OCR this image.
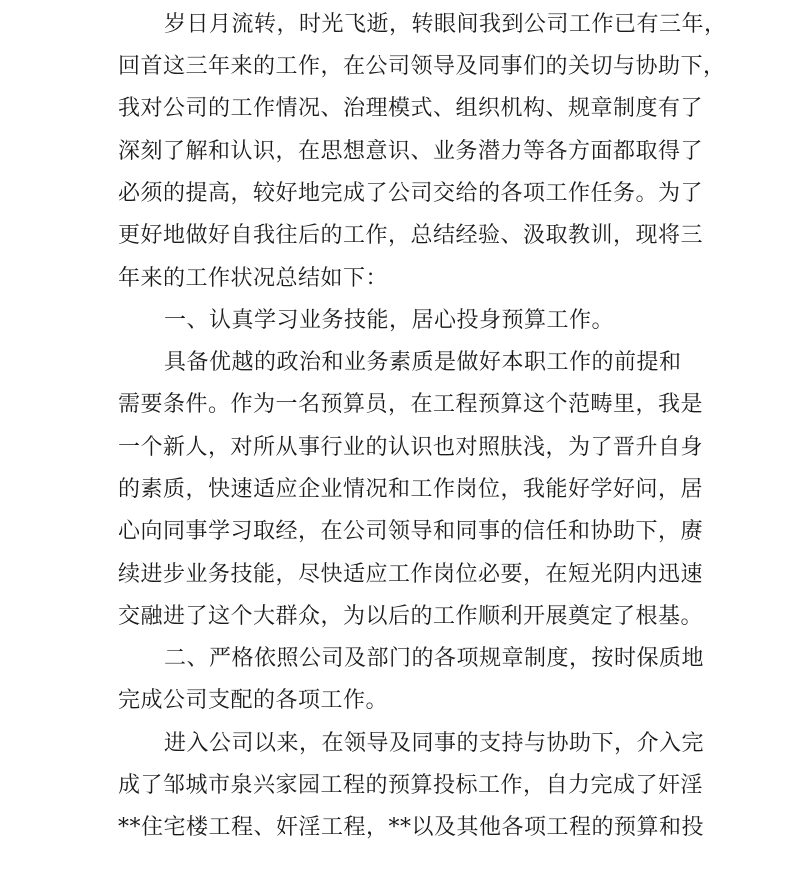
岁日月流转，时光飞逝，转眼间我到公司工作已有三年，
回首这三年来的工作，在公司领导及同事们的关切与协助下，
我对公司的工作情况、治理模式、组织机构、规章制度有了
深刻了解和认识，在思想意识、业务潜力等各方面都取得了
必须的提高，较好地完成了公司交给的各项工作任务。为了
更好地做好自我往后的工作，总结经验、汲取教训，现将三
年来的工作状况总结如下：
一、认真学习业务技能，居心投身预算工作。
具备优越的政治和业务素质是做好本职工作的前提和
需要条件。作为一名预算员，在工程预算这个范畴里，我是
一个新人，对所从事行业的认识也对照肤浅，为了晋升自身
的素质，快速适应企业情况和工作岗位，我能好学好问，居
心向同事学习取经，在公司领导和同事的信任和协助下，赓
续进步业务技能，尽快适应工作岗位必要，在短光阴内迅速
交融进了这个大群众，为以后的工作顺利开展奠定了根基。
二、严格依照公司及部门的各项规章制度，按时保质地
完成公司支配的各项工作。
进入公司以来，在领导及同事的支持与协助下，介入完
成了邹城市泉兴家园工程的预算投标工作，自力完成了奸淫
**住宅楼工程、奸淫工程，**以及其他各项工程的预算和投
